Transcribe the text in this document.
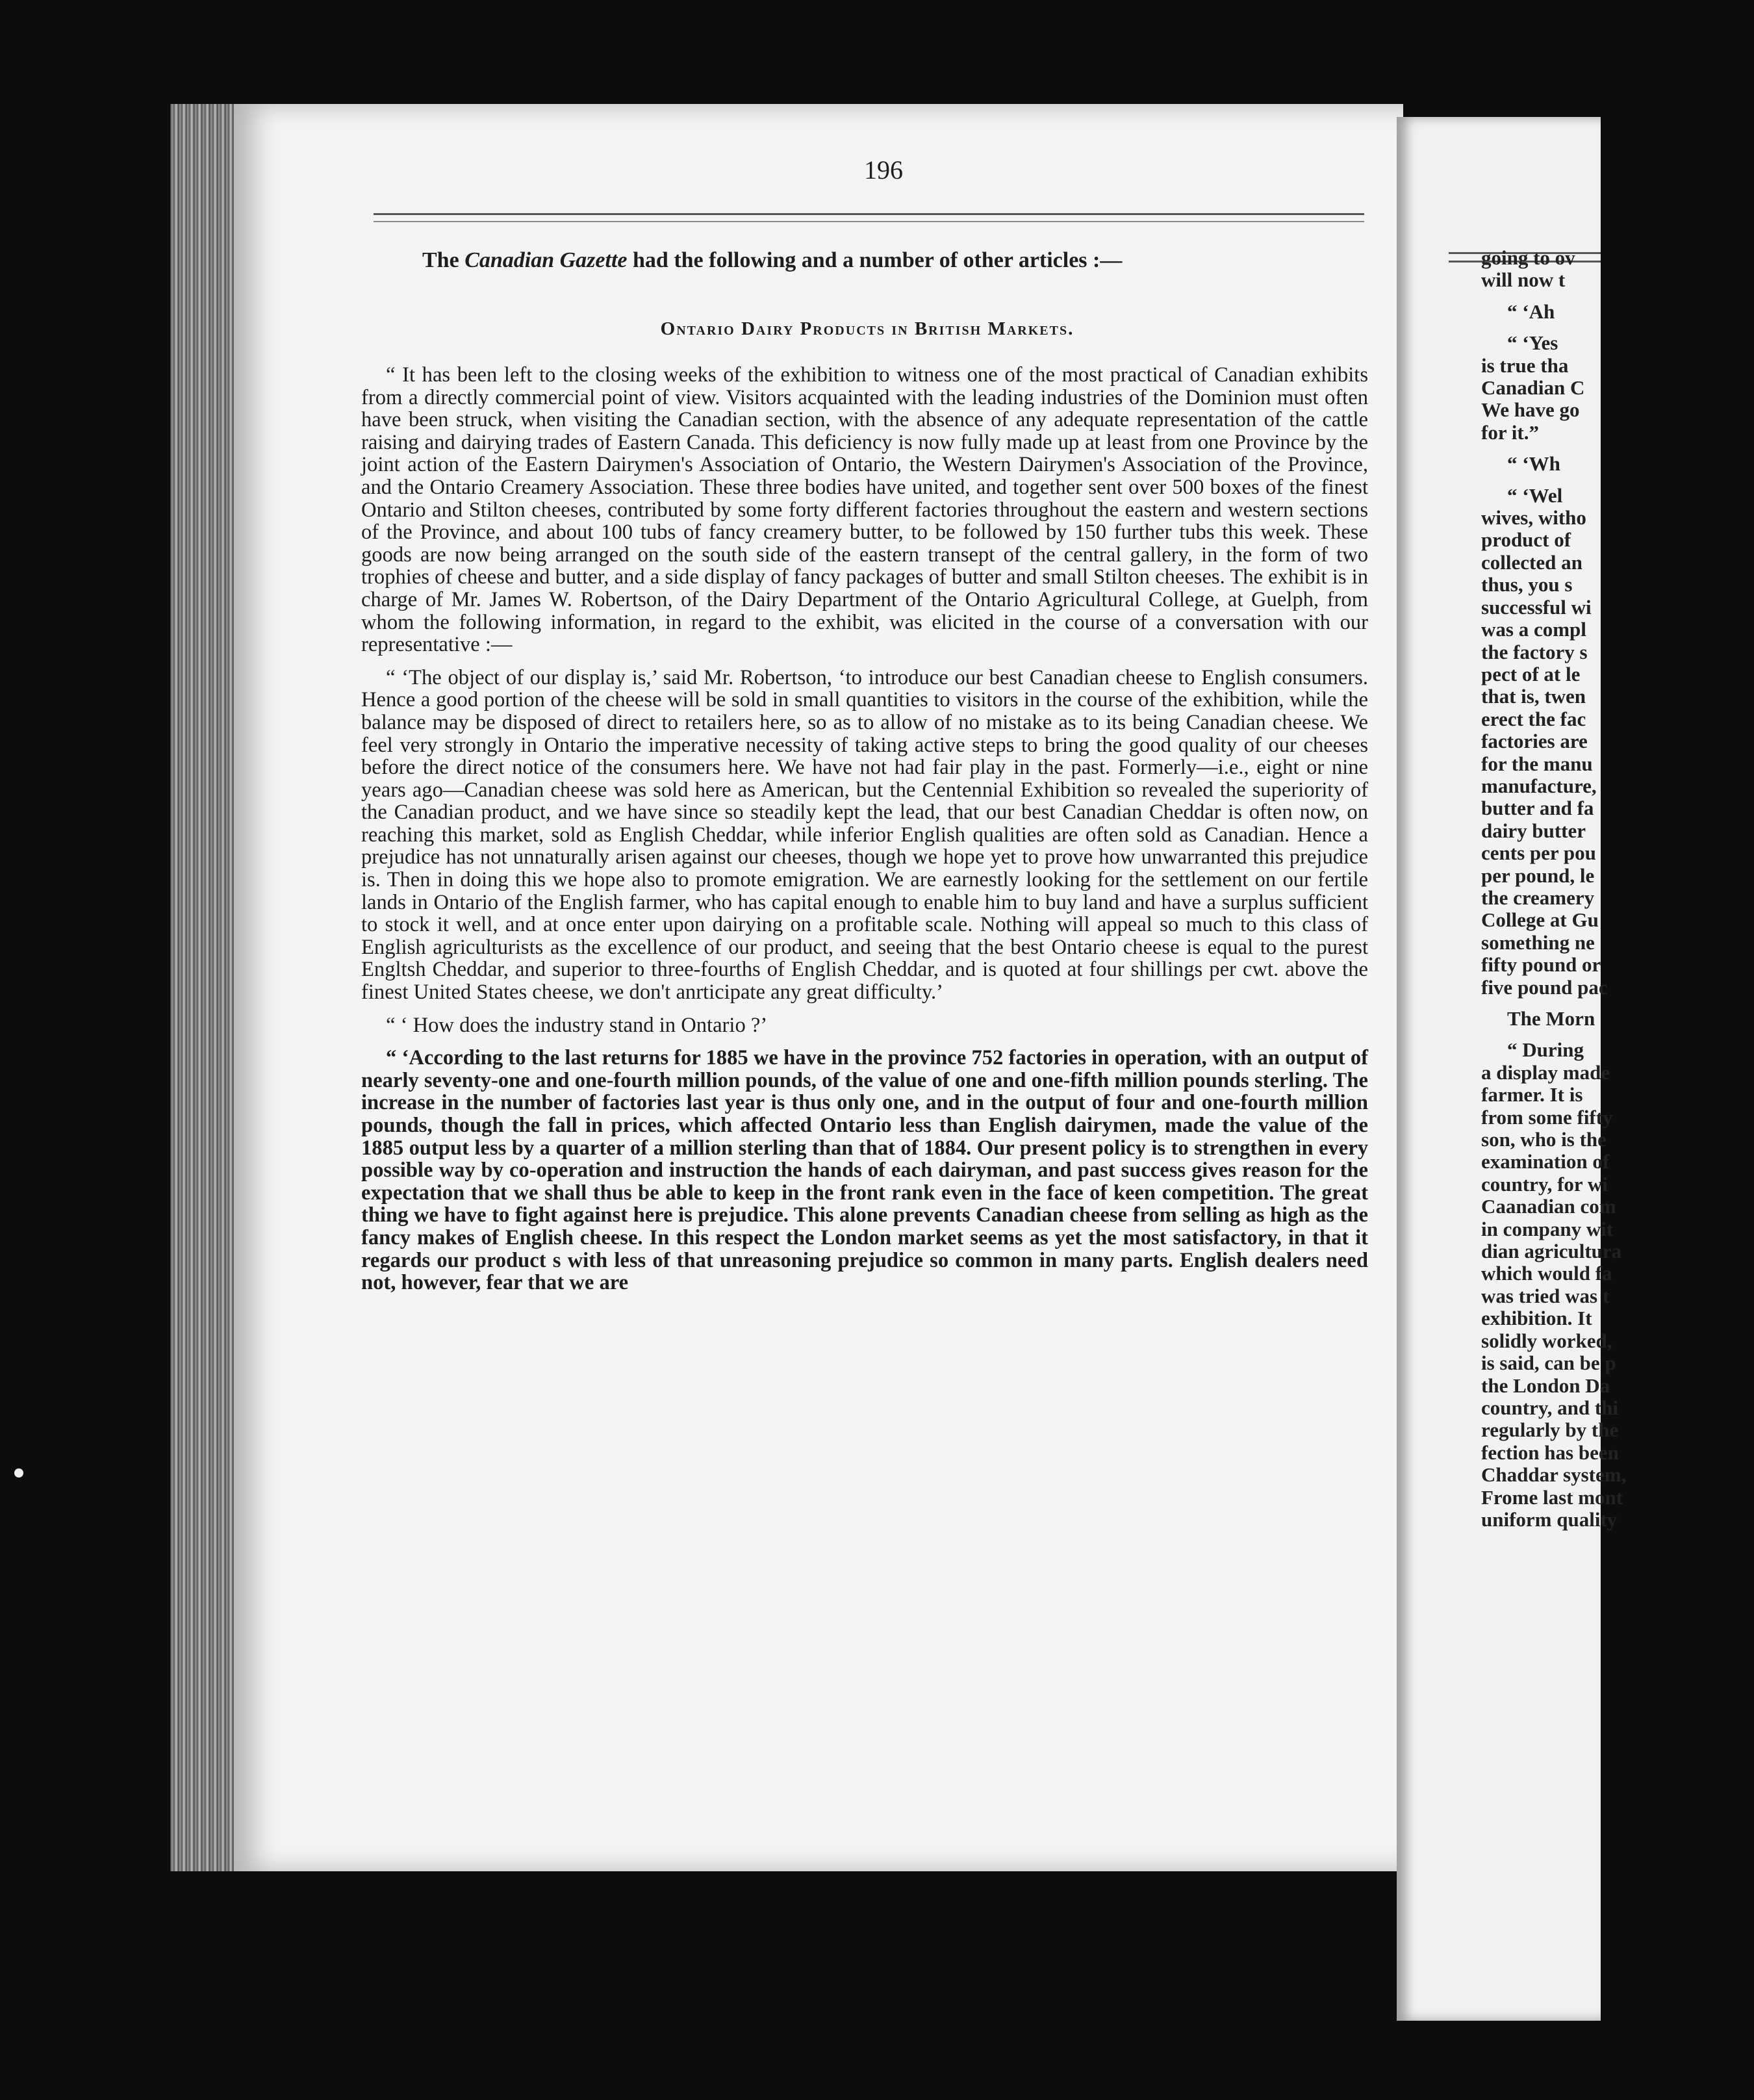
196
The Canadian Gazette had the following and a number of other articles :—
Ontario Dairy Products in British Markets.

“ It has been left to the closing weeks of the exhibition to witness one of the most practical of Canadian exhibits from a directly commercial point of view. Visitors acquainted with the leading industries of the Dominion must often have been struck, when visiting the Canadian section, with the absence of any adequate representation of the cattle raising and dairying trades of Eastern Canada. This deficiency is now fully made up at least from one Province by the joint action of the Eastern Dairymen's Association of Ontario, the Western Dairymen's Association of the Province, and the Ontario Creamery Association. These three bodies have united, and together sent over 500 boxes of the finest Ontario and Stilton cheeses, contributed by some forty different factories throughout the eastern and western sections of the Province, and about 100 tubs of fancy creamery butter, to be followed by 150 further tubs this week. These goods are now being arranged on the south side of the eastern transept of the central gallery, in the form of two trophies of cheese and butter, and a side display of fancy packages of butter and small Stilton cheeses. The exhibit is in charge of Mr. James W. Robertson, of the Dairy Department of the Ontario Agricultural College, at Guelph, from whom the following information, in regard to the exhibit, was elicited in the course of a conversation with our representative :—

“ ‘The object of our display is,’ said Mr. Robertson, ‘to introduce our best Canadian cheese to English consumers. Hence a good portion of the cheese will be sold in small quantities to visitors in the course of the exhibition, while the balance may be disposed of direct to retailers here, so as to allow of no mistake as to its being Canadian cheese. We feel very strongly in Ontario the imperative necessity of taking active steps to bring the good quality of our cheeses before the direct notice of the consumers here. We have not had fair play in the past. Formerly—i.e., eight or nine years ago—Canadian cheese was sold here as American, but the Centennial Exhibition so revealed the superiority of the Canadian product, and we have since so steadily kept the lead, that our best Canadian Cheddar is often now, on reaching this market, sold as English Cheddar, while inferior English qualities are often sold as Canadian. Hence a prejudice has not unnaturally arisen against our cheeses, though we hope yet to prove how unwarranted this prejudice is. Then in doing this we hope also to promote emigration. We are earnestly looking for the settlement on our fertile lands in Ontario of the English farmer, who has capital enough to enable him to buy land and have a surplus sufficient to stock it well, and at once enter upon dairying on a profitable scale. Nothing will appeal so much to this class of English agriculturists as the excellence of our product, and seeing that the best Ontario cheese is equal to the purest Engltsh Cheddar, and superior to three-fourths of English Cheddar, and is quoted at four shillings per cwt. above the finest United States cheese, we don't anrticipate any great difficulty.’

“ ‘ How does the industry stand in Ontario ?’

“ ‘According to the last returns for 1885 we have in the province 752 factories in operation, with an output of nearly seventy-one and one-fourth million pounds, of the value of one and one-fifth million pounds sterling. The increase in the number of factories last year is thus only one, and in the output of four and one-fourth million pounds, though the fall in prices, which affected Ontario less than English dairymen, made the value of the 1885 output less by a quarter of a million sterling than that of 1884. Our present policy is to strengthen in every possible way by co-operation and instruction the hands of each dairyman, and past success gives reason for the expectation that we shall thus be able to keep in the front rank even in the face of keen competition. The great thing we have to fight against here is prejudice. This alone prevents Canadian cheese from selling as high as the fancy makes of English cheese. In this respect the London market seems as yet the most satisfactory, in that it regards our product s with less of that unreasoning prejudice so common in many parts. English dealers need not, however, fear that we are

going to ov
will now t
“ ‘Ah
“ ‘Yes
is true tha
Canadian C
We have go
for it.”
“ ‘Wh
“ ‘Wel
wives, witho
product of
collected an
thus, you s
successful wi
was a compl
the factory s
pect of at le
that is, twen
erect the fac
factories are
for the manu
manufacture,
butter and fa
dairy butter
cents per pou
per pound, le
the creamery
College at Gu
something ne
fifty pound or
five pound pac
The Morn
“ During
a display made
farmer. It is
from some fifty
son, who is the
examination of
country, for wi
Caanadian com
in company wit
dian agricultura
which would fa
was tried was t
exhibition. It
solidly worked,
is said, can be p
the London Da
country, and thi
regularly by the
fection has been
Chaddar system,
Frome last mont
uniform quality
